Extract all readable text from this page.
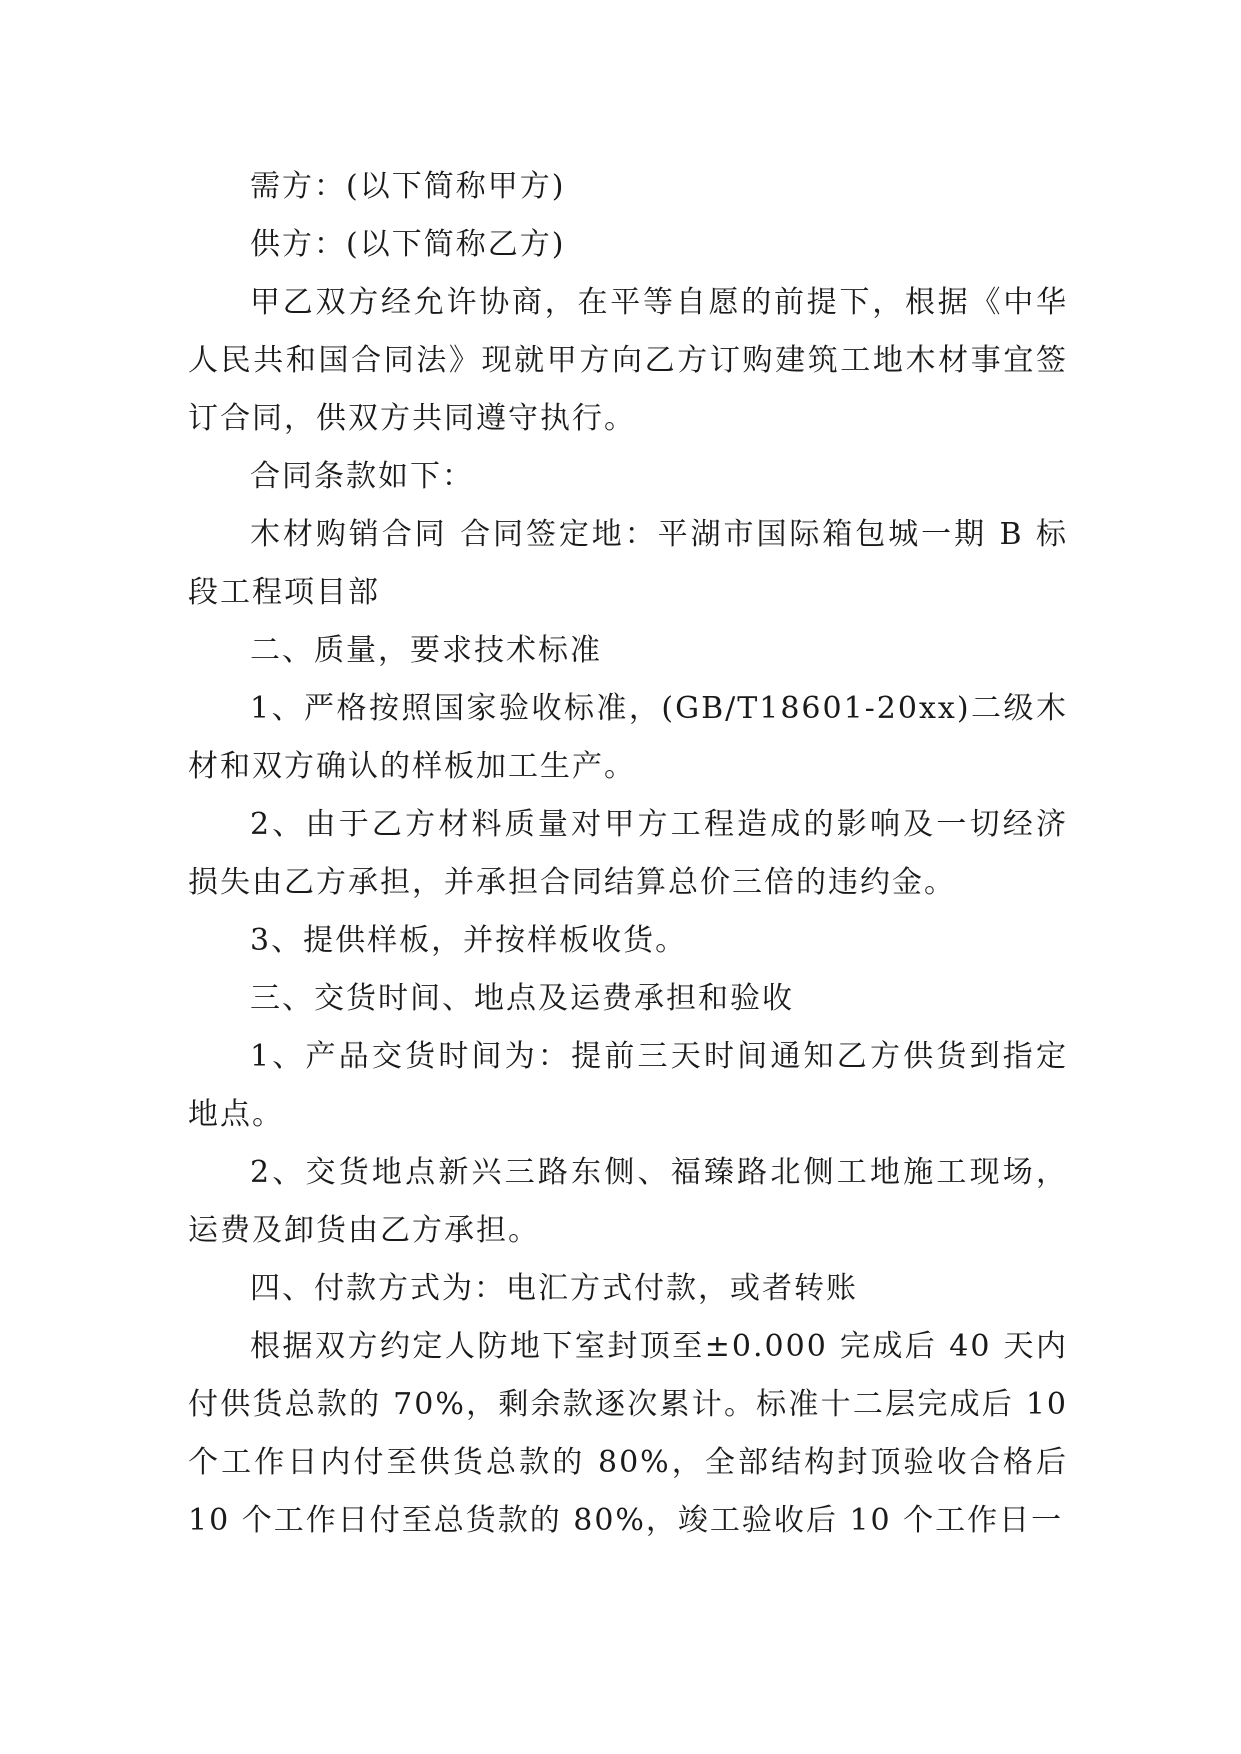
需方：(以下简称甲方)

供方：(以下简称乙方)

甲乙双方经允许协商，在平等自愿的前提下，根据《中华人民共和国合同法》现就甲方向乙方订购建筑工地木材事宜签订合同，供双方共同遵守执行。

合同条款如下：

木材购销合同 合同签定地：平湖市国际箱包城一期 B 标段工程项目部

二、质量，要求技术标准

1、严格按照国家验收标准，(GB/T18601-20xx)二级木材和双方确认的样板加工生产。

2、由于乙方材料质量对甲方工程造成的影响及一切经济损失由乙方承担，并承担合同结算总价三倍的违约金。

3、提供样板，并按样板收货。

三、交货时间、地点及运费承担和验收

1、产品交货时间为：提前三天时间通知乙方供货到指定地点。

2、交货地点新兴三路东侧、福臻路北侧工地施工现场，运费及卸货由乙方承担。

四、付款方式为：电汇方式付款，或者转账

根据双方约定人防地下室封顶至±0.000 完成后 40 天内付供货总款的 70%，剩余款逐次累计。标准十二层完成后 10 个工作日内付至供货总款的 80%，全部结构封顶验收合格后 10 个工作日付至总货款的 80%，竣工验收后 10 个工作日一
